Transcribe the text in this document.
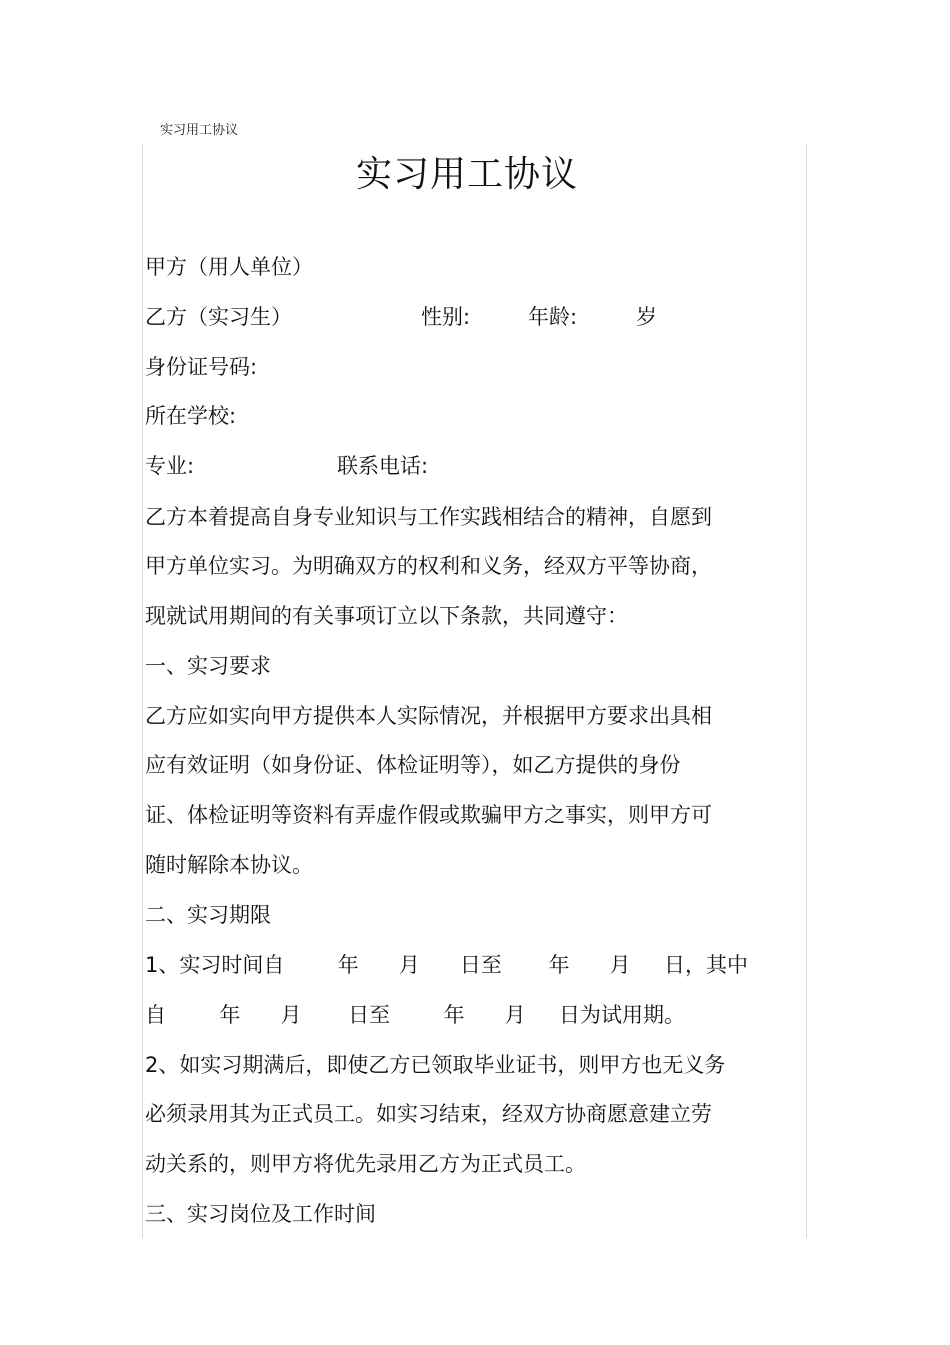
实习用工协议
实习用工协议
甲方（用人单位）
乙方（实习生）	性别:	年龄:	岁
身份证号码:
所在学校:
专业:	联系电话:
乙方本着提高自身专业知识与工作实践相结合的精神，自愿到
甲方单位实习。为明确双方的权利和义务，经双方平等协商，
现就试用期间的有关事项订立以下条款，共同遵守：
一、实习要求
乙方应如实向甲方提供本人实际情况，并根据甲方要求出具相
应有效证明（如身份证、体检证明等），如乙方提供的身份
证、体检证明等资料有弄虚作假或欺骗甲方之事实，则甲方可
随时解除本协议。
二、实习期限
1、实习时间自        年      月      日至       年      月     日，其中
自        年      月       日至        年      月     日为试用期。
2、如实习期满后，即使乙方已领取毕业证书，则甲方也无义务
必须录用其为正式员工。如实习结束，经双方协商愿意建立劳
动关系的，则甲方将优先录用乙方为正式员工。
三、实习岗位及工作时间
